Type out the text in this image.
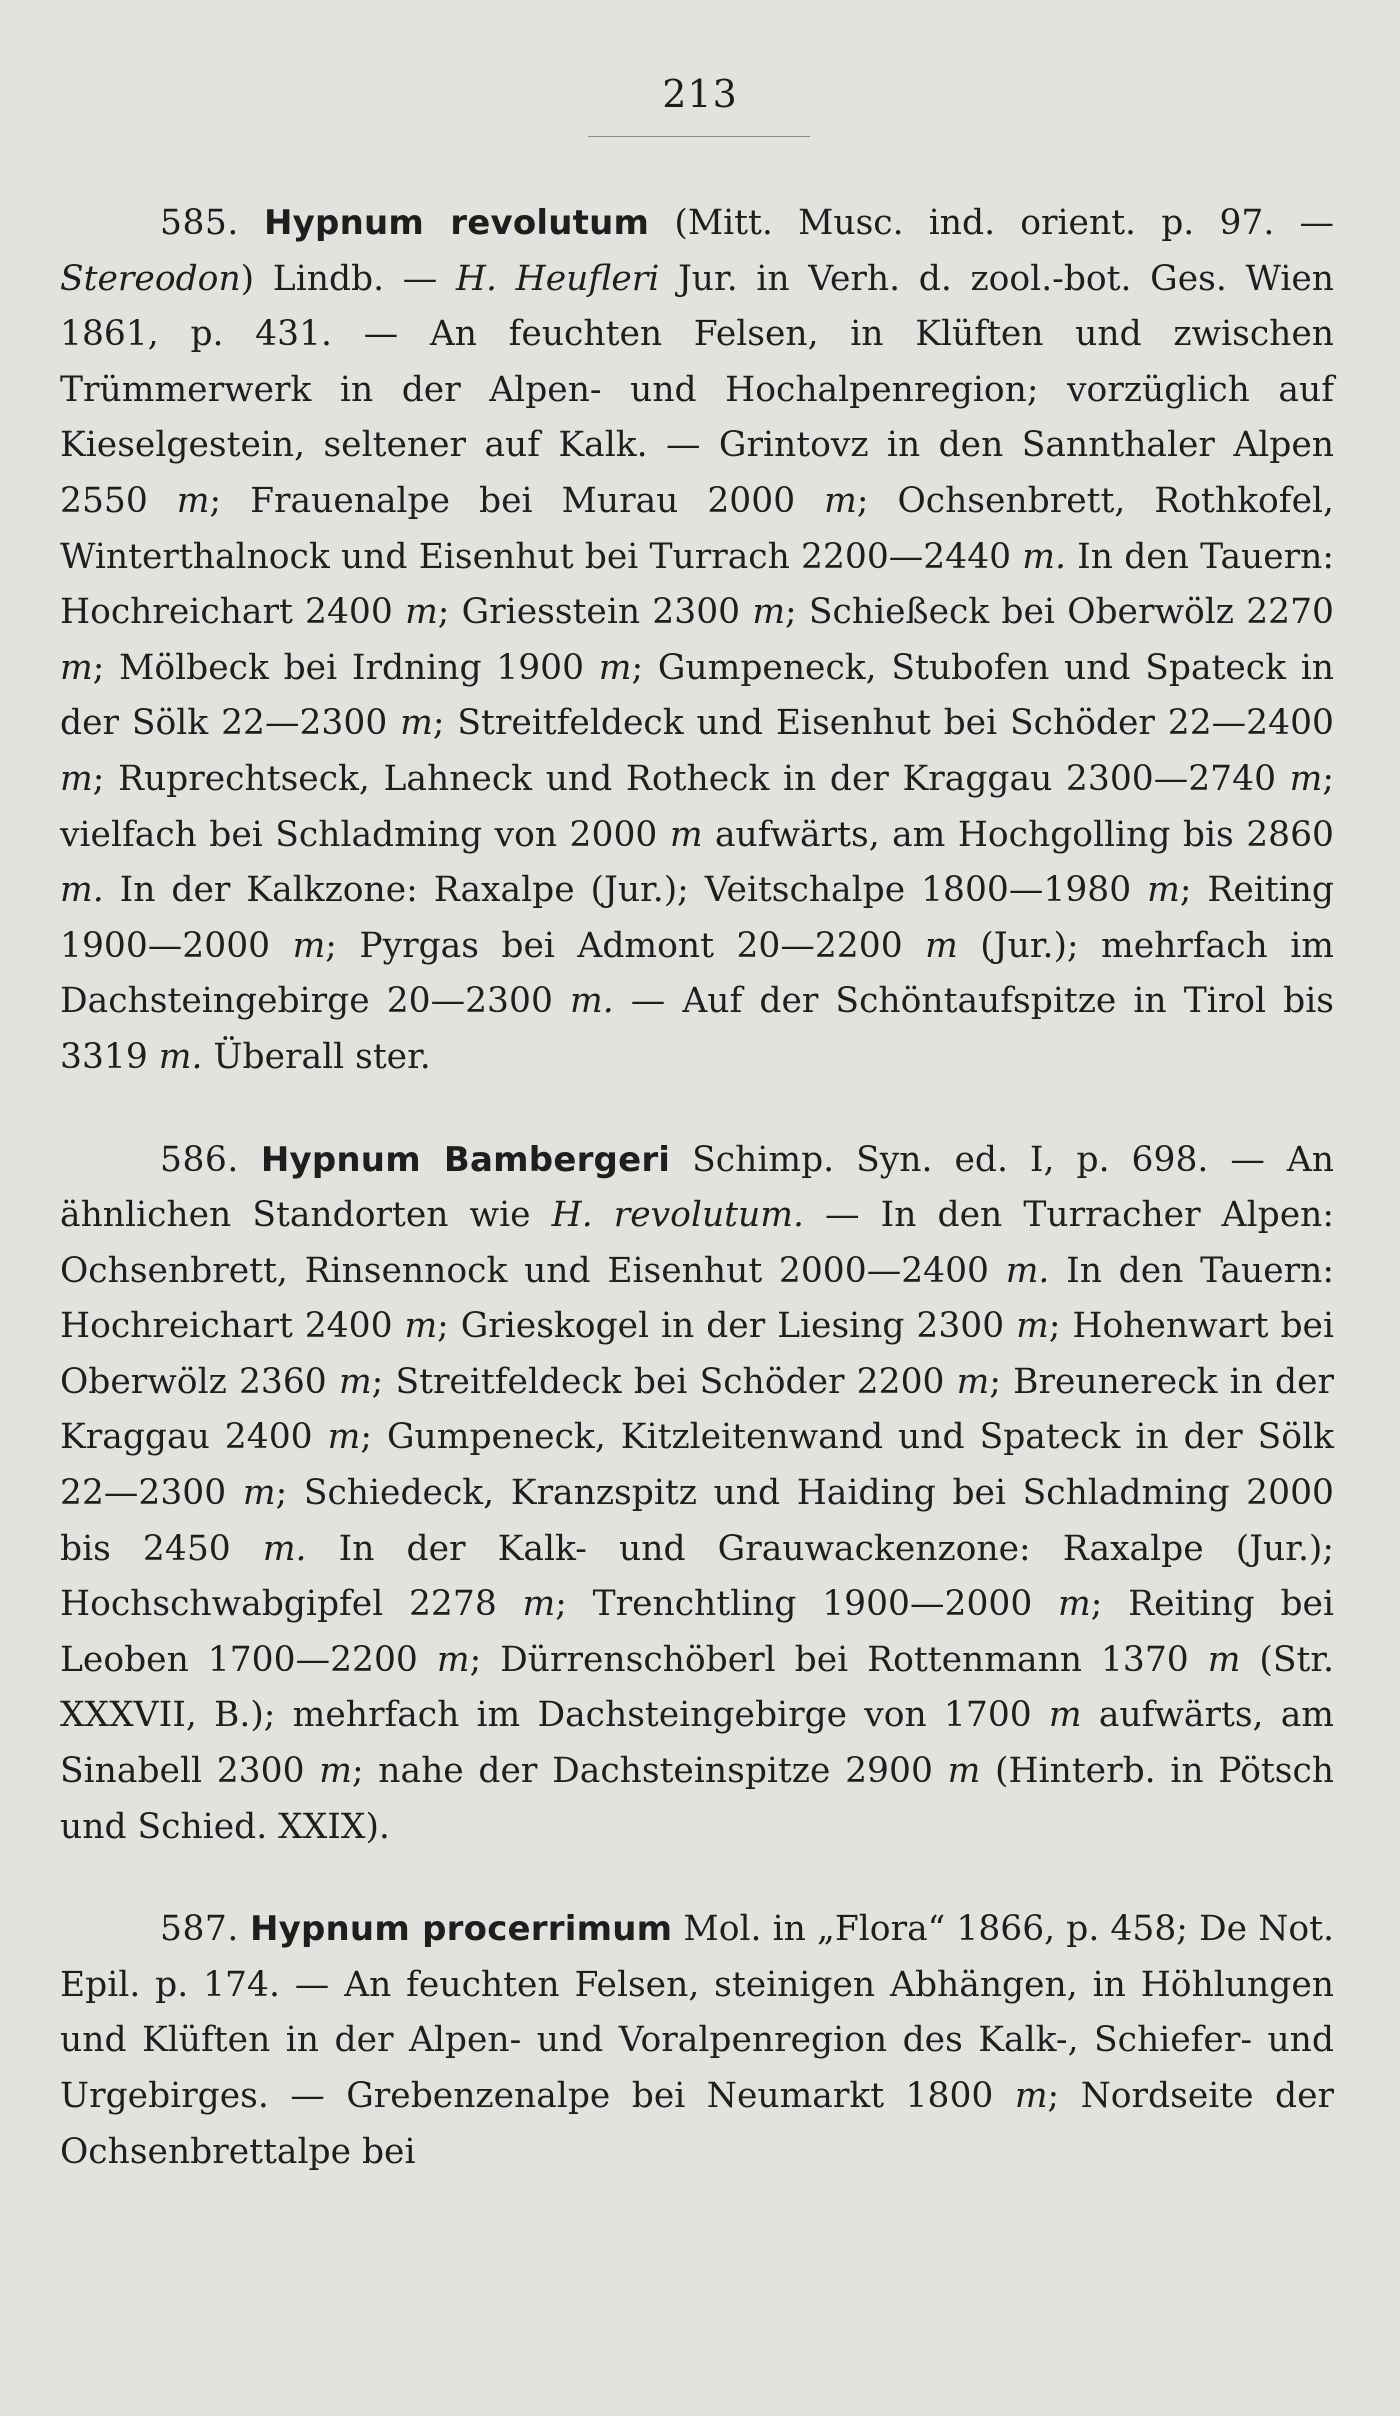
213

585. Hypnum revolutum (Mitt. Musc. ind. orient. p. 97. — Stereodon) Lindb. — H. Heufleri Jur. in Verh. d. zool.-bot. Ges. Wien 1861, p. 431. — An feuchten Felsen, in Klüften und zwischen Trümmerwerk in der Alpen- und Hochalpenregion; vorzüglich auf Kieselgestein, seltener auf Kalk. — Grintovz in den Sannthaler Alpen 2550 m; Frauenalpe bei Murau 2000 m; Ochsenbrett, Rothkofel, Winterthalnock und Eisenhut bei Turrach 2200—2440 m. In den Tauern: Hochreichart 2400 m; Griesstein 2300 m; Schießeck bei Oberwölz 2270 m; Mölbeck bei Irdning 1900 m; Gumpeneck, Stubofen und Spateck in der Sölk 22—2300 m; Streitfeldeck und Eisenhut bei Schöder 22—2400 m; Ruprechtseck, Lahneck und Rotheck in der Kraggau 2300—2740 m; vielfach bei Schladming von 2000 m aufwärts, am Hochgolling bis 2860 m. In der Kalkzone: Raxalpe (Jur.); Veitschalpe 1800—1980 m; Reiting 1900—2000 m; Pyrgas bei Admont 20—2200 m (Jur.); mehrfach im Dachsteingebirge 20—2300 m. — Auf der Schöntaufspitze in Tirol bis 3319 m. Überall ster.

586. Hypnum Bambergeri Schimp. Syn. ed. I, p. 698. — An ähnlichen Standorten wie H. revolutum. — In den Turracher Alpen: Ochsenbrett, Rinsennock und Eisenhut 2000—2400 m. In den Tauern: Hochreichart 2400 m; Grieskogel in der Liesing 2300 m; Hohenwart bei Oberwölz 2360 m; Streitfeldeck bei Schöder 2200 m; Breunereck in der Kraggau 2400 m; Gumpeneck, Kitzleitenwand und Spateck in der Sölk 22—2300 m; Schiedeck, Kranzspitz und Haiding bei Schladming 2000 bis 2450 m. In der Kalk- und Grauwackenzone: Raxalpe (Jur.); Hochschwabgipfel 2278 m; Trenchtling 1900—2000 m; Reiting bei Leoben 1700—2200 m; Dürrenschöberl bei Rottenmann 1370 m (Str. XXXVII, B.); mehrfach im Dachsteingebirge von 1700 m aufwärts, am Sinabell 2300 m; nahe der Dachsteinspitze 2900 m (Hinterb. in Pötsch und Schied. XXIX).

587. Hypnum procerrimum Mol. in „Flora“ 1866, p. 458; De Not. Epil. p. 174. — An feuchten Felsen, steinigen Abhängen, in Höhlungen und Klüften in der Alpen- und Voralpenregion des Kalk-, Schiefer- und Urgebirges. — Grebenzenalpe bei Neumarkt 1800 m; Nordseite der Ochsenbrettalpe bei
